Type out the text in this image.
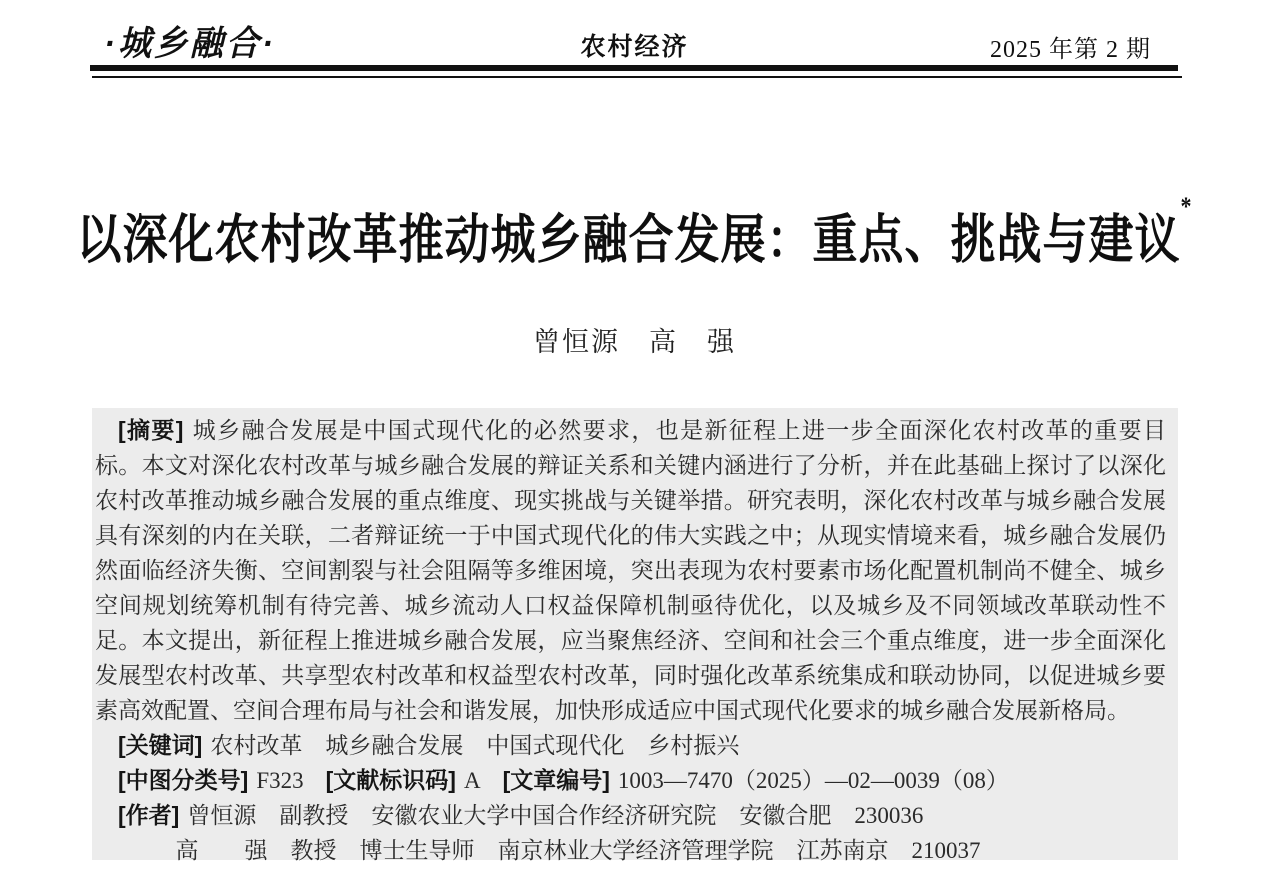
·城乡融合·	农村经济	2025 年第 2 期
以深化农村改革推动城乡融合发展：重点、挑战与建议*
曾恒源　高　强
[摘要] 城乡融合发展是中国式现代化的必然要求，也是新征程上进一步全面深化农村改革的重要目
标。本文对深化农村改革与城乡融合发展的辩证关系和关键内涵进行了分析，并在此基础上探讨了以深化
农村改革推动城乡融合发展的重点维度、现实挑战与关键举措。研究表明，深化农村改革与城乡融合发展
具有深刻的内在关联，二者辩证统一于中国式现代化的伟大实践之中；从现实情境来看，城乡融合发展仍
然面临经济失衡、空间割裂与社会阻隔等多维困境，突出表现为农村要素市场化配置机制尚不健全、城乡
空间规划统筹机制有待完善、城乡流动人口权益保障机制亟待优化，以及城乡及不同领域改革联动性不
足。本文提出，新征程上推进城乡融合发展，应当聚焦经济、空间和社会三个重点维度，进一步全面深化
发展型农村改革、共享型农村改革和权益型农村改革，同时强化改革系统集成和联动协同，以促进城乡要
素高效配置、空间合理布局与社会和谐发展，加快形成适应中国式现代化要求的城乡融合发展新格局。
[关键词] 农村改革　城乡融合发展　中国式现代化　乡村振兴
[中图分类号] F323 [文献标识码] A [文章编号] 1003—7470（2025）—02—0039（08）
[作者] 曾恒源　副教授　安徽农业大学中国合作经济研究院　安徽合肥　230036
高　　强　教授　博士生导师　南京林业大学经济管理学院　江苏南京　210037
